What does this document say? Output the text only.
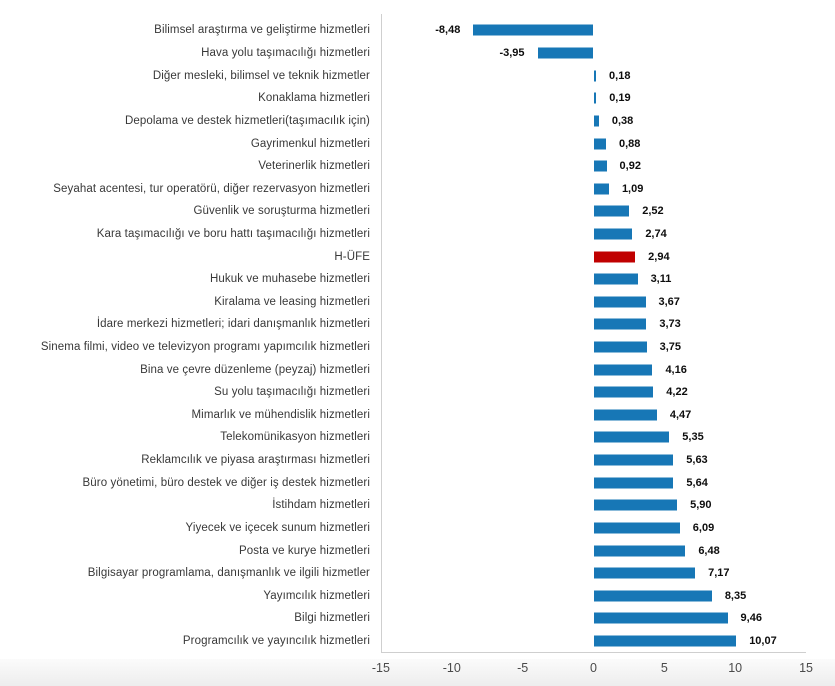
Bilimsel araştırma ve geliştirme hizmetleri	-8,48
Hava yolu taşımacılığı hizmetleri	-3,95
Diğer mesleki, bilimsel ve teknik hizmetler	0,18
Konaklama hizmetleri	0,19
Depolama ve destek hizmetleri(taşımacılık için)	0,38
Gayrimenkul hizmetleri	0,88
Veterinerlik hizmetleri	0,92
Seyahat acentesi, tur operatörü, diğer rezervasyon hizmetleri	1,09
Güvenlik ve soruşturma hizmetleri	2,52
Kara taşımacılığı ve boru hattı taşımacılığı hizmetleri	2,74
H-ÜFE	2,94
Hukuk ve muhasebe hizmetleri	3,11
Kiralama ve leasing hizmetleri	3,67
İdare merkezi hizmetleri; idari danışmanlık hizmetleri	3,73
Sinema filmi, video ve televizyon programı yapımcılık hizmetleri	3,75
Bina ve çevre düzenleme (peyzaj) hizmetleri	4,16
Su yolu taşımacılığı hizmetleri	4,22
Mimarlık ve mühendislik hizmetleri	4,47
Telekomünikasyon hizmetleri	5,35
Reklamcılık ve piyasa araştırması hizmetleri	5,63
Büro yönetimi, büro destek ve diğer iş destek hizmetleri	5,64
İstihdam hizmetleri	5,90
Yiyecek ve içecek sunum hizmetleri	6,09
Posta ve kurye hizmetleri	6,48
Bilgisayar programlama, danışmanlık ve ilgili hizmetler	7,17
Yayımcılık hizmetleri	8,35
Bilgi hizmetleri	9,46
Programcılık ve yayıncılık hizmetleri	10,07
-15	-10	-5	0	5	10	15
